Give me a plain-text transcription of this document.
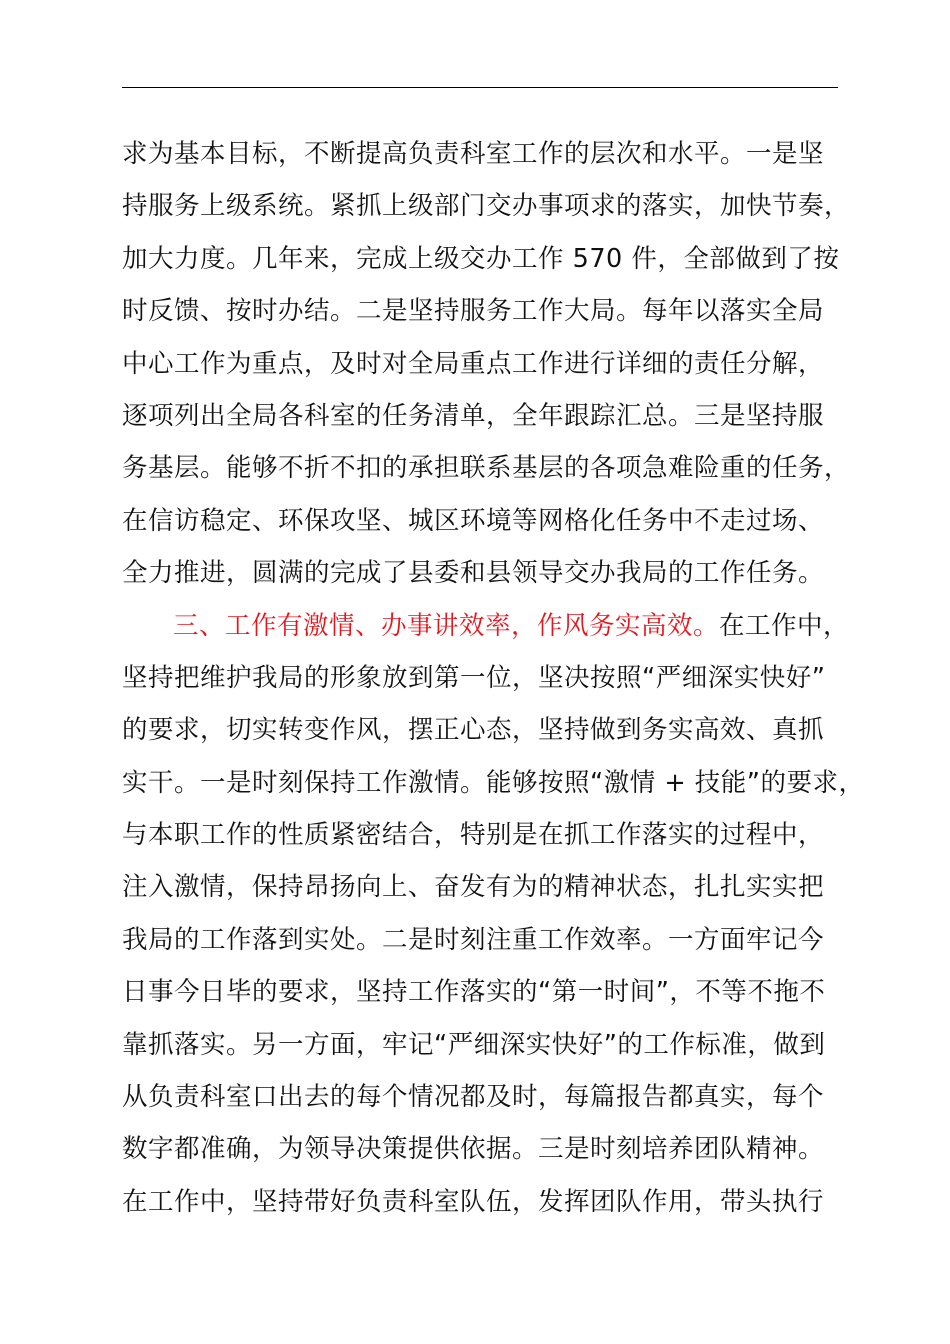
求为基本目标，不断提高负责科室工作的层次和水平。一是坚
持服务上级系统。紧抓上级部门交办事项求的落实，加快节奏，
加大力度。几年来，完成上级交办工作 570 件，全部做到了按
时反馈、按时办结。二是坚持服务工作大局。每年以落实全局
中心工作为重点，及时对全局重点工作进行详细的责任分解，
逐项列出全局各科室的任务清单，全年跟踪汇总。三是坚持服
务基层。能够不折不扣的承担联系基层的各项急难险重的任务，
在信访稳定、环保攻坚、城区环境等网格化任务中不走过场、
全力推进，圆满的完成了县委和县领导交办我局的工作任务。
三、工作有激情、办事讲效率，作风务实高效。在工作中，
坚持把维护我局的形象放到第一位，坚决按照“严细深实快好”
的要求，切实转变作风，摆正心态，坚持做到务实高效、真抓
实干。一是时刻保持工作激情。能够按照“激情 + 技能”的要求，
与本职工作的性质紧密结合，特别是在抓工作落实的过程中，
注入激情，保持昂扬向上、奋发有为的精神状态，扎扎实实把
我局的工作落到实处。二是时刻注重工作效率。一方面牢记今
日事今日毕的要求，坚持工作落实的“第一时间”，不等不拖不
靠抓落实。另一方面，牢记“严细深实快好”的工作标准，做到
从负责科室口出去的每个情况都及时，每篇报告都真实，每个
数字都准确，为领导决策提供依据。三是时刻培养团队精神。
在工作中，坚持带好负责科室队伍，发挥团队作用，带头执行
